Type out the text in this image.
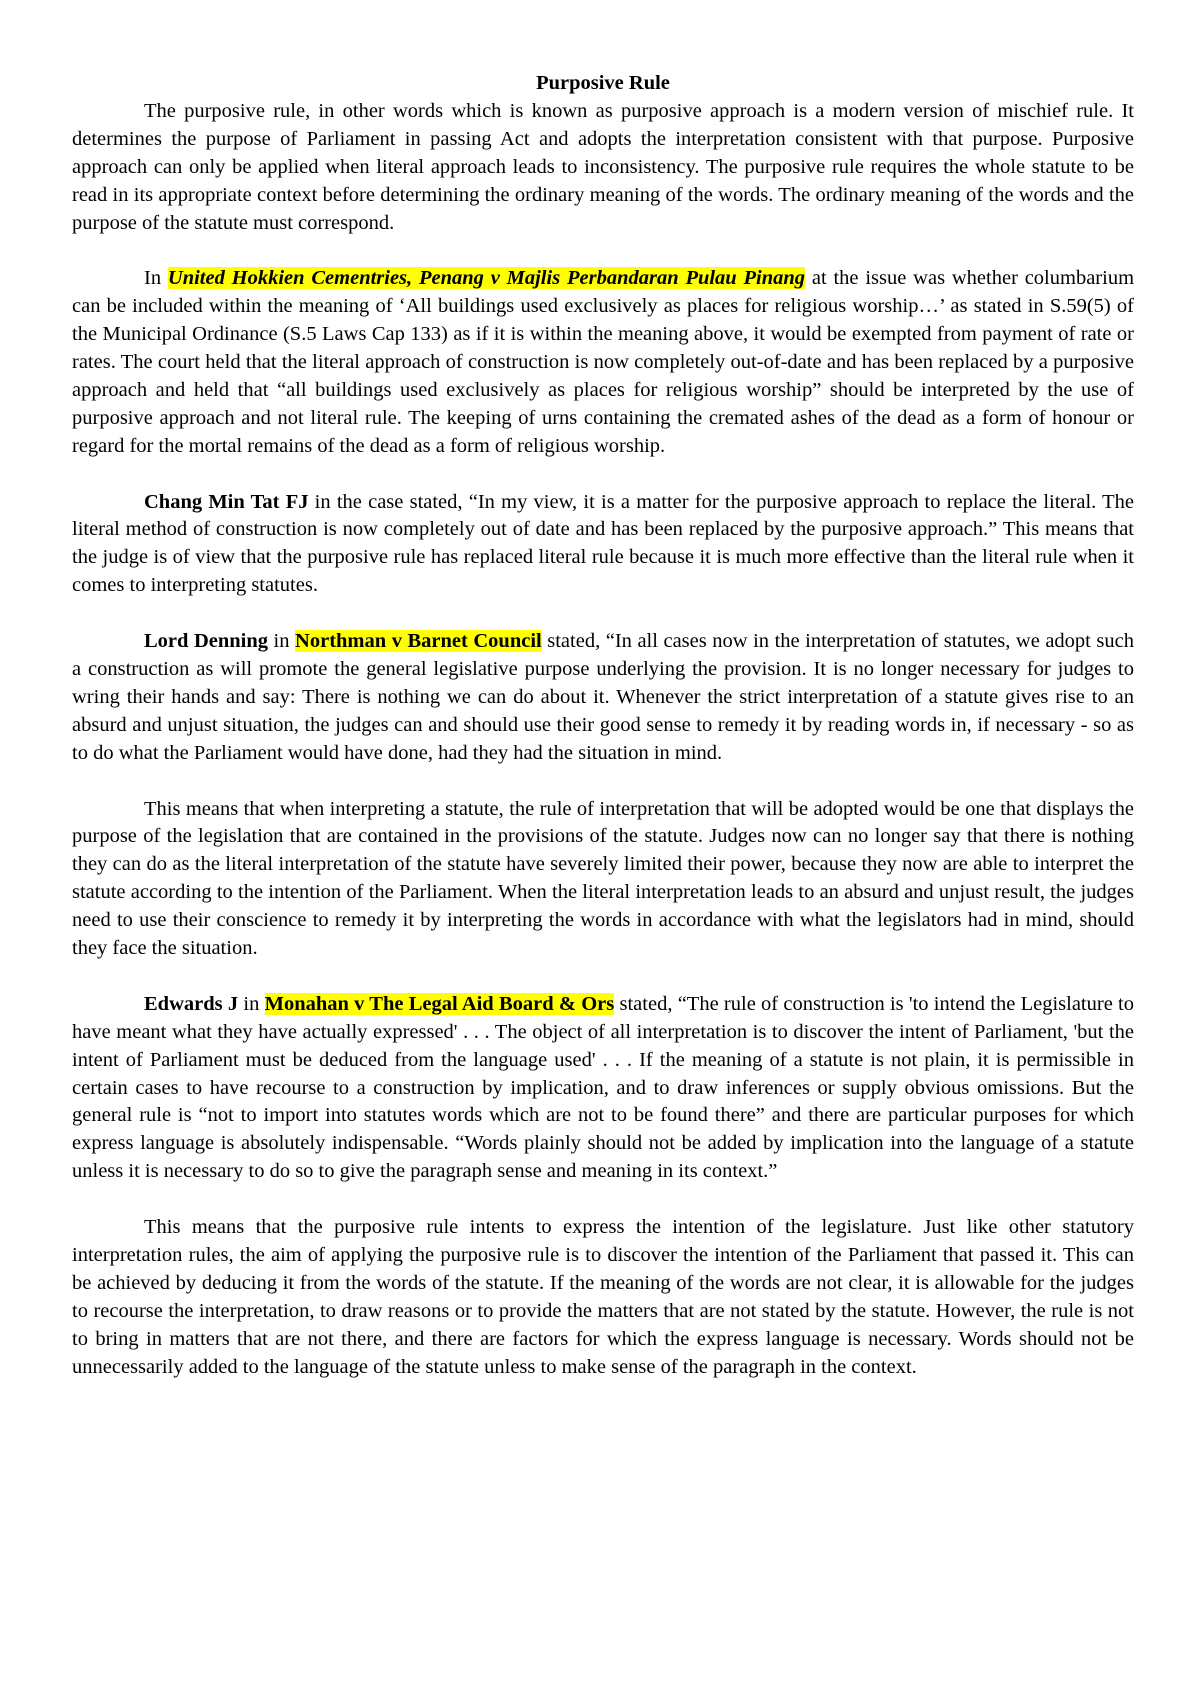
Purposive Rule

The purposive rule, in other words which is known as purposive approach is a modern version of mischief rule. It determines the purpose of Parliament in passing Act and adopts the interpretation consistent with that purpose. Purposive approach can only be applied when literal approach leads to inconsistency. The purposive rule requires the whole statute to be read in its appropriate context before determining the ordinary meaning of the words. The ordinary meaning of the words and the purpose of the statute must correspond.

In United Hokkien Cementries, Penang v Majlis Perbandaran Pulau Pinang at the issue was whether columbarium can be included within the meaning of ‘All buildings used exclusively as places for religious worship…’ as stated in S.59(5) of the Municipal Ordinance (S.5 Laws Cap 133) as if it is within the meaning above, it would be exempted from payment of rate or rates. The court held that the literal approach of construction is now completely out-of-date and has been replaced by a purposive approach and held that “all buildings used exclusively as places for religious worship” should be interpreted by the use of purposive approach and not literal rule. The keeping of urns containing the cremated ashes of the dead as a form of honour or regard for the mortal remains of the dead as a form of religious worship.

Chang Min Tat FJ in the case stated, “In my view, it is a matter for the purposive approach to replace the literal. The literal method of construction is now completely out of date and has been replaced by the purposive approach.” This means that the judge is of view that the purposive rule has replaced literal rule because it is much more effective than the literal rule when it comes to interpreting statutes.

Lord Denning in Northman v Barnet Council stated, “In all cases now in the interpretation of statutes, we adopt such a construction as will promote the general legislative purpose underlying the provision. It is no longer necessary for judges to wring their hands and say: There is nothing we can do about it. Whenever the strict interpretation of a statute gives rise to an absurd and unjust situation, the judges can and should use their good sense to remedy it by reading words in, if necessary - so as to do what the Parliament would have done, had they had the situation in mind.

This means that when interpreting a statute, the rule of interpretation that will be adopted would be one that displays the purpose of the legislation that are contained in the provisions of the statute. Judges now can no longer say that there is nothing they can do as the literal interpretation of the statute have severely limited their power, because they now are able to interpret the statute according to the intention of the Parliament. When the literal interpretation leads to an absurd and unjust result, the judges need to use their conscience to remedy it by interpreting the words in accordance with what the legislators had in mind, should they face the situation.

Edwards J in Monahan v The Legal Aid Board & Ors stated, “The rule of construction is 'to intend the Legislature to have meant what they have actually expressed' . . . The object of all interpretation is to discover the intent of Parliament, 'but the intent of Parliament must be deduced from the language used' . . . If the meaning of a statute is not plain, it is permissible in certain cases to have recourse to a construction by implication, and to draw inferences or supply obvious omissions. But the general rule is “not to import into statutes words which are not to be found there” and there are particular purposes for which express language is absolutely indispensable. “Words plainly should not be added by implication into the language of a statute unless it is necessary to do so to give the paragraph sense and meaning in its context.”

This means that the purposive rule intents to express the intention of the legislature. Just like other statutory interpretation rules, the aim of applying the purposive rule is to discover the intention of the Parliament that passed it. This can be achieved by deducing it from the words of the statute. If the meaning of the words are not clear, it is allowable for the judges to recourse the interpretation, to draw reasons or to provide the matters that are not stated by the statute. However, the rule is not to bring in matters that are not there, and there are factors for which the express language is necessary. Words should not be unnecessarily added to the language of the statute unless to make sense of the paragraph in the context.
